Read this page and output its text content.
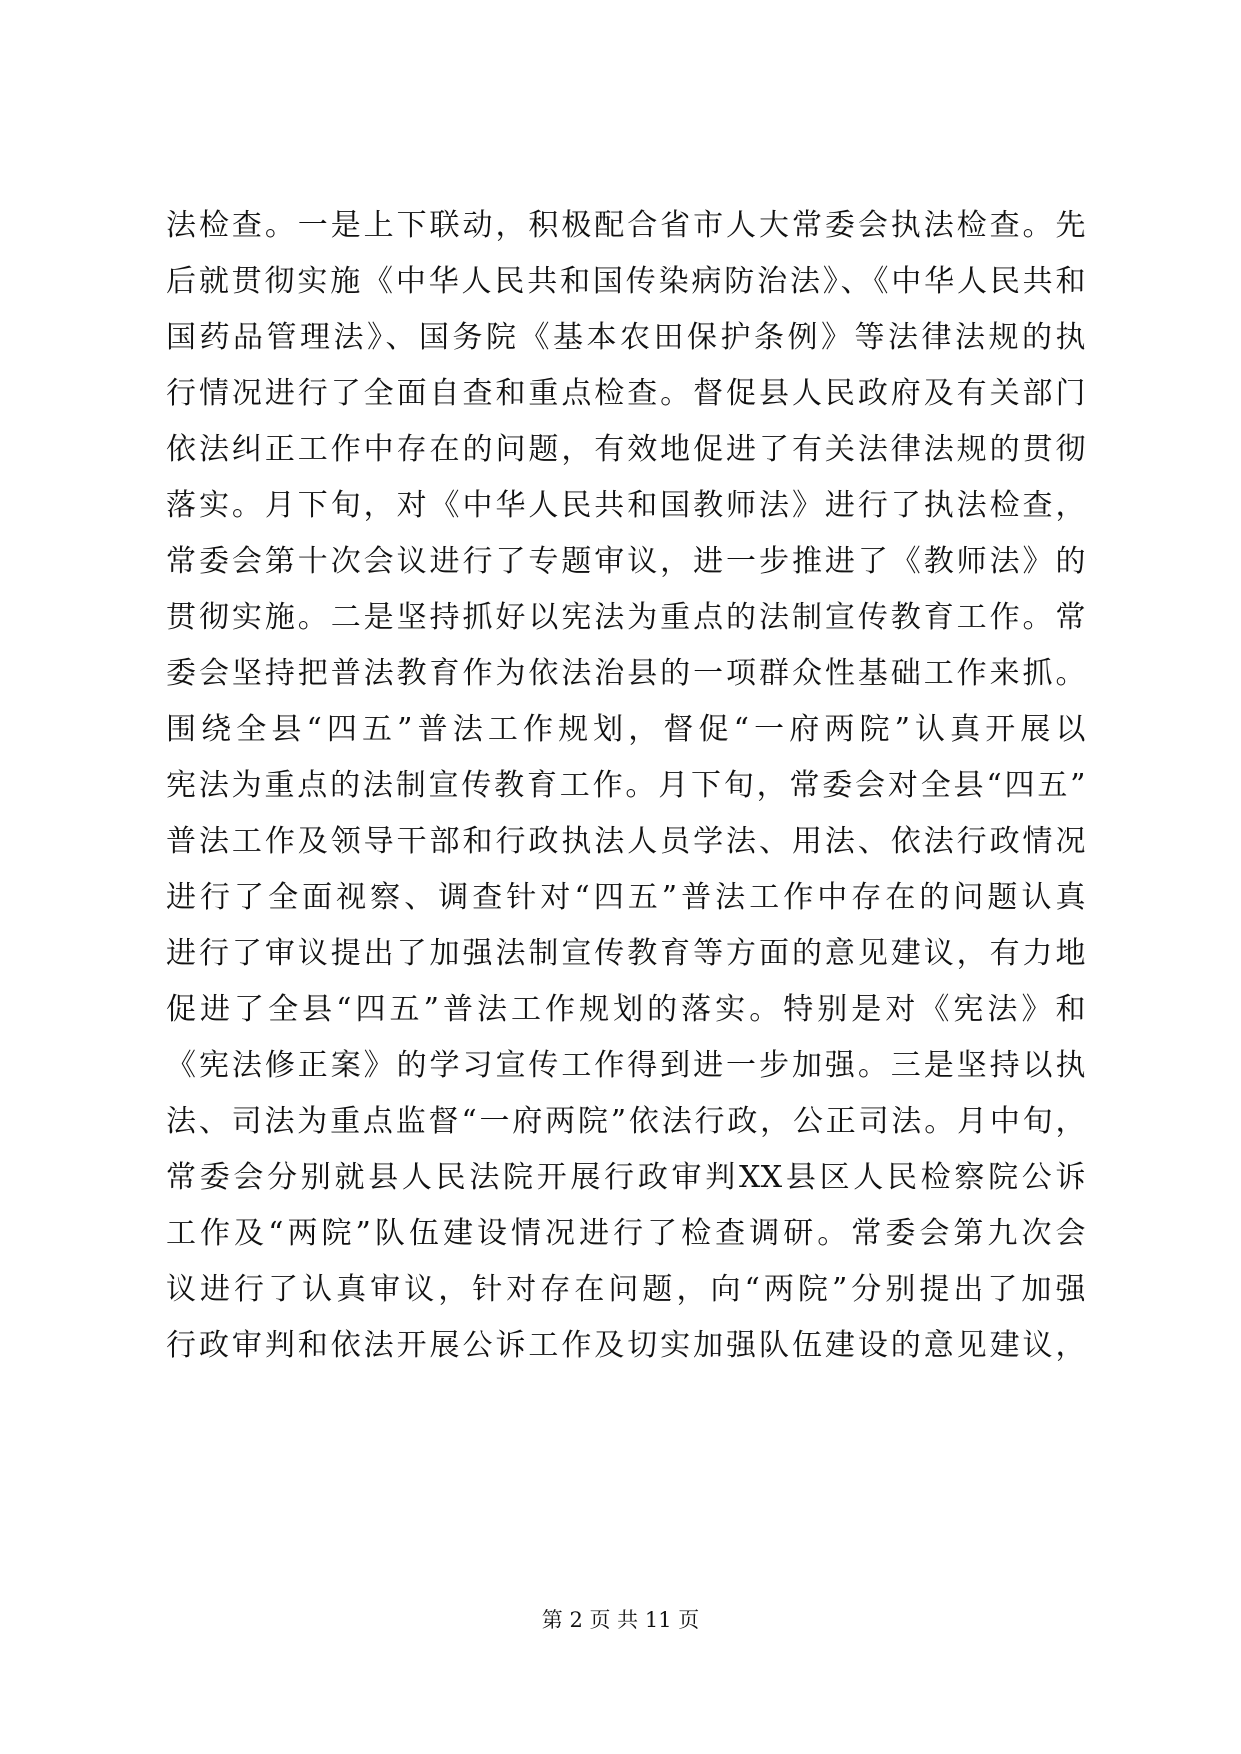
法检查。一是上下联动，积极配合省市人大常委会执法检查。先
后就贯彻实施《中华人民共和国传染病防治法》、《中华人民共和
国药品管理法》、国务院《基本农田保护条例》等法律法规的执
行情况进行了全面自查和重点检查。督促县人民政府及有关部门
依法纠正工作中存在的问题，有效地促进了有关法律法规的贯彻
落实。月下旬，对《中华人民共和国教师法》进行了执法检查，
常委会第十次会议进行了专题审议，进一步推进了《教师法》的
贯彻实施。二是坚持抓好以宪法为重点的法制宣传教育工作。常
委会坚持把普法教育作为依法治县的一项群众性基础工作来抓。
围绕全县“四五”普法工作规划，督促“一府两院”认真开展以
宪法为重点的法制宣传教育工作。月下旬，常委会对全县“四五”
普法工作及领导干部和行政执法人员学法、用法、依法行政情况
进行了全面视察、调查针对“四五”普法工作中存在的问题认真
进行了审议提出了加强法制宣传教育等方面的意见建议，有力地
促进了全县“四五”普法工作规划的落实。特别是对《宪法》和
《宪法修正案》的学习宣传工作得到进一步加强。三是坚持以执
法、司法为重点监督“一府两院”依法行政，公正司法。月中旬，
常委会分别就县人民法院开展行政审判XX县区人民检察院公诉
工作及“两院”队伍建设情况进行了检查调研。常委会第九次会
议进行了认真审议，针对存在问题，向“两院”分别提出了加强
行政审判和依法开展公诉工作及切实加强队伍建设的意见建议，
第 2 页 共 11 页
